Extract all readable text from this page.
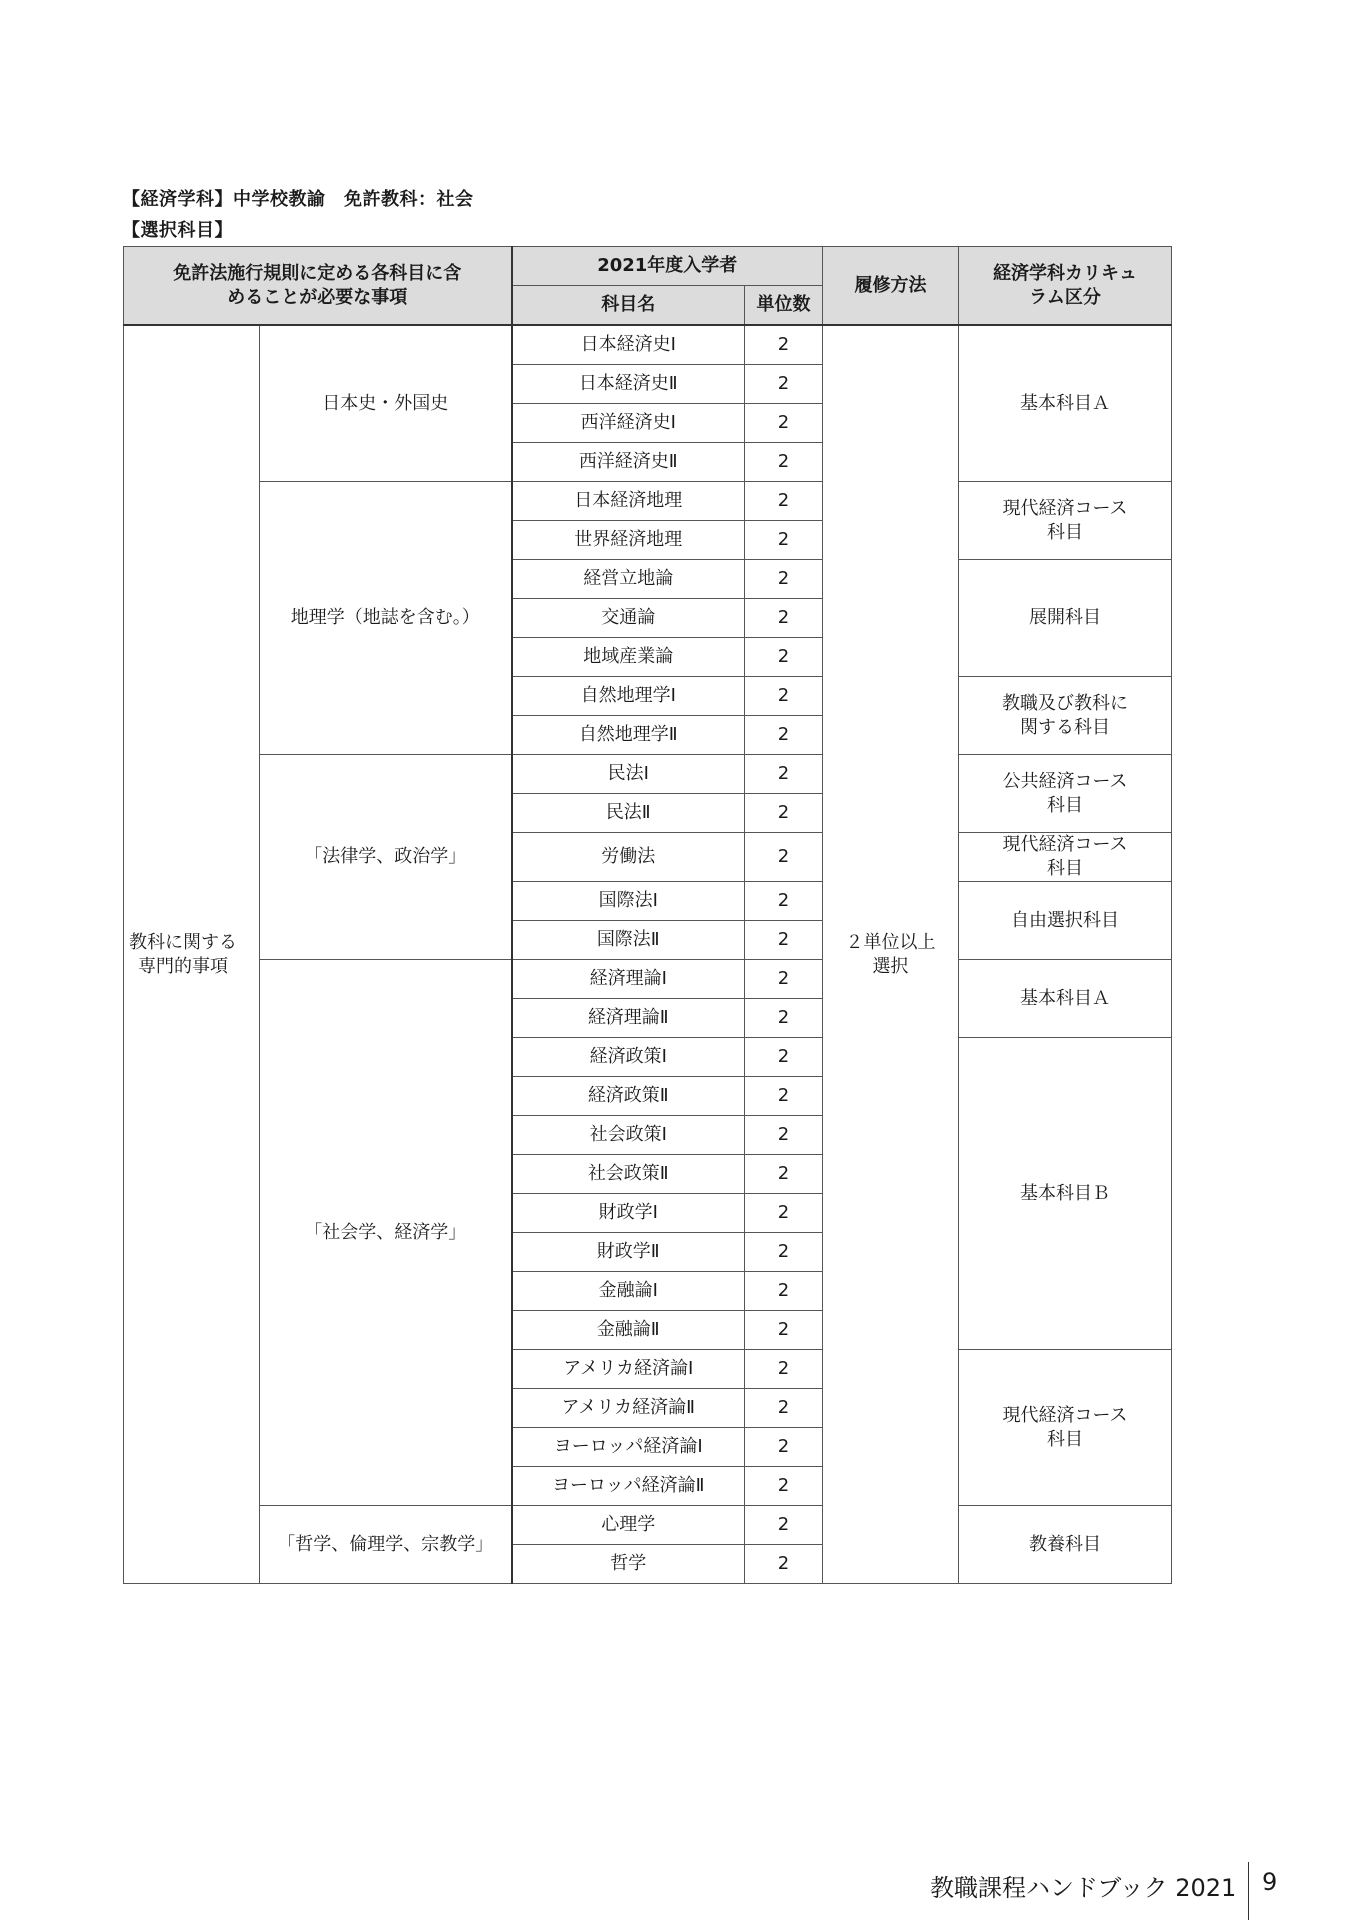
【経済学科】中学校教諭　免許教科：社会
【選択科目】
免許法施行規則に定める各科目に含めることが必要な事項		2021年度入学者		履修方法	経済学科カリキュラム区分

		科目名	単位数		

教科に関する専門的事項	日本史・外国史	日本経済史Ⅰ	2	２単位以上選択	基本科目Ａ

		日本経済史Ⅱ	2		
		西洋経済史Ⅰ	2		
		西洋経済史Ⅱ	2		
	地理学（地誌を含む。）	日本経済地理	2		現代経済コース科目

		世界経済地理	2		
		経営立地論	2		展開科目

		交通論	2		
		地域産業論	2		
		自然地理学Ⅰ	2		教職及び教科に関する科目

		自然地理学Ⅱ	2		
	「法律学、政治学」	民法Ⅰ	2		公共経済コース科目

		民法Ⅱ	2		
		労働法	2		現代経済コース科目

		国際法Ⅰ	2		自由選択科目

		国際法Ⅱ	2		
	「社会学、経済学」	経済理論Ⅰ	2		基本科目Ａ

		経済理論Ⅱ	2		
		経済政策Ⅰ	2		基本科目Ｂ

		経済政策Ⅱ	2		
		社会政策Ⅰ	2		
		社会政策Ⅱ	2		
		財政学Ⅰ	2		
		財政学Ⅱ	2		
		金融論Ⅰ	2		
		金融論Ⅱ	2		
		アメリカ経済論Ⅰ	2		現代経済コース科目

		アメリカ経済論Ⅱ	2		
		ヨーロッパ経済論Ⅰ	2		
		ヨーロッパ経済論Ⅱ	2		
	「哲学、倫理学、宗教学」	心理学	2		教養科目

		哲学	2		
教職課程ハンドブック 2021 9
